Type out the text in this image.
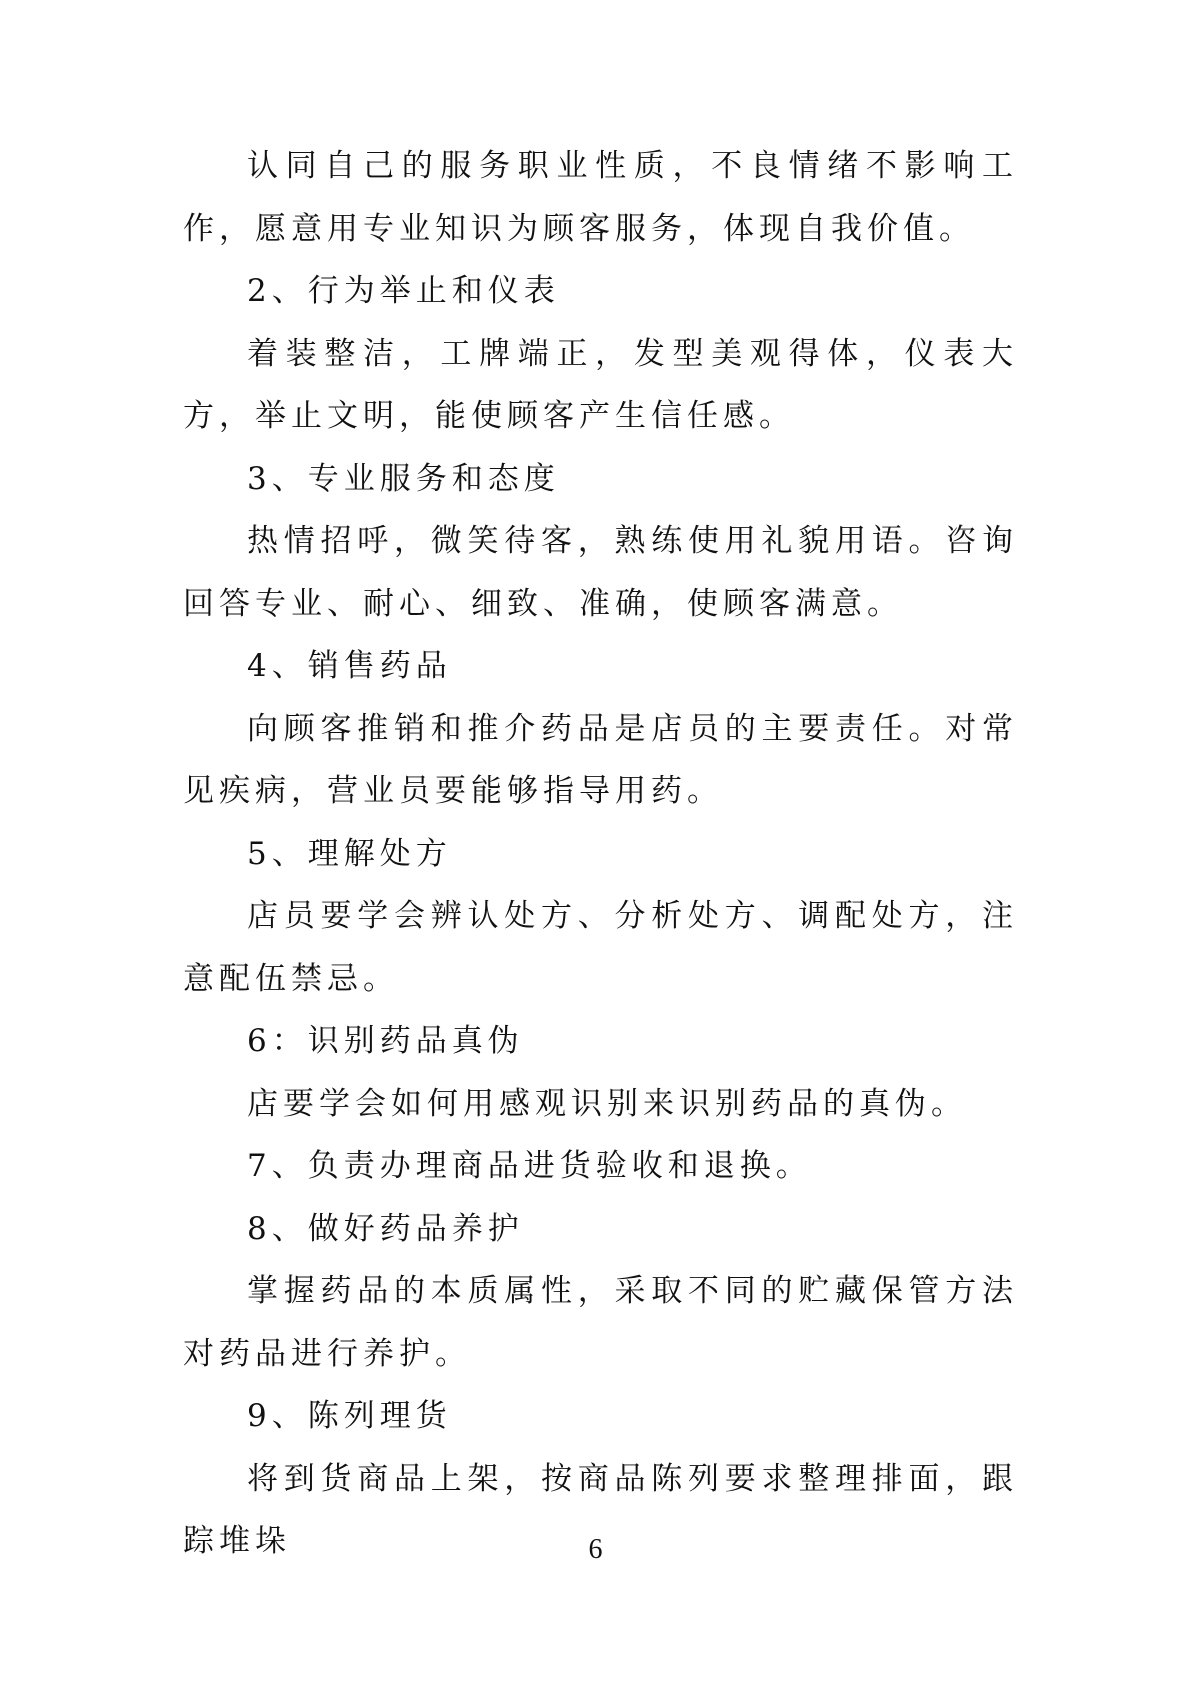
认同自己的服务职业性质，不良情绪不影响工作，愿意用专业知识为顾客服务，体现自我价值。

2、行为举止和仪表

着装整洁，工牌端正，发型美观得体，仪表大方，举止文明，能使顾客产生信任感。

3、专业服务和态度

热情招呼，微笑待客，熟练使用礼貌用语。咨询回答专业、耐心、细致、准确，使顾客满意。

4、销售药品

向顾客推销和推介药品是店员的主要责任。对常见疾病，营业员要能够指导用药。

5、理解处方

店员要学会辨认处方、分析处方、调配处方，注意配伍禁忌。

6：识别药品真伪

店要学会如何用感观识别来识别药品的真伪。

7、负责办理商品进货验收和退换。

8、做好药品养护

掌握药品的本质属性，采取不同的贮藏保管方法对药品进行养护。

9、陈列理货

将到货商品上架，按商品陈列要求整理排面，跟踪堆垛	6
